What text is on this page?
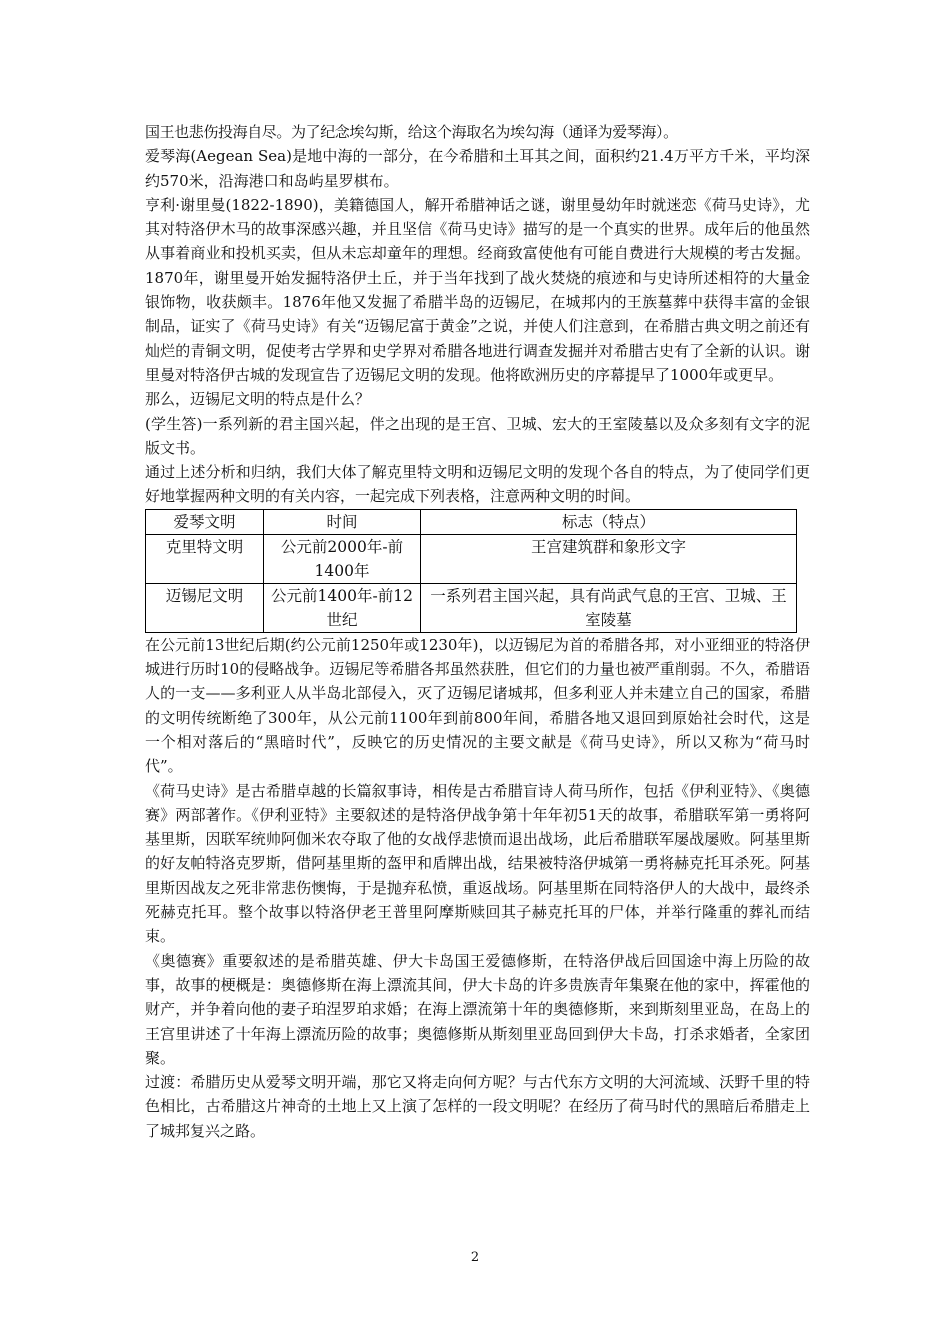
国王也悲伤投海自尽。为了纪念埃勾斯，给这个海取名为埃勾海（通译为爱琴海）。

爱琴海(Aegean Sea)是地中海的一部分，在今希腊和土耳其之间，面积约21.4万平方千米，平均深约570米，沿海港口和岛屿星罗棋布。

亨利·谢里曼(1822-1890)，美籍德国人，解开希腊神话之谜，谢里曼幼年时就迷恋《荷马史诗》，尤其对特洛伊木马的故事深感兴趣，并且坚信《荷马史诗》描写的是一个真实的世界。成年后的他虽然从事着商业和投机买卖，但从未忘却童年的理想。经商致富使他有可能自费进行大规模的考古发掘。1870年，谢里曼开始发掘特洛伊土丘，并于当年找到了战火焚烧的痕迹和与史诗所述相符的大量金银饰物，收获颇丰。1876年他又发掘了希腊半岛的迈锡尼，在城邦内的王族墓葬中获得丰富的金银制品，证实了《荷马史诗》有关“迈锡尼富于黄金”之说，并使人们注意到，在希腊古典文明之前还有灿烂的青铜文明，促使考古学界和史学界对希腊各地进行调查发掘并对希腊古史有了全新的认识。谢里曼对特洛伊古城的发现宣告了迈锡尼文明的发现。他将欧洲历史的序幕提早了1000年或更早。

那么，迈锡尼文明的特点是什么？

(学生答)一系列新的君主国兴起，伴之出现的是王宫、卫城、宏大的王室陵墓以及众多刻有文字的泥版文书。

通过上述分析和归纳，我们大体了解克里特文明和迈锡尼文明的发现个各自的特点，为了使同学们更好地掌握两种文明的有关内容，一起完成下列表格，注意两种文明的时间。

爱琴文明	时间	标志（特点）
克里特文明	公元前2000年-前1400年	王宫建筑群和象形文字
迈锡尼文明	公元前1400年-前12世纪	一系列君主国兴起，具有尚武气息的王宫、卫城、王室陵墓

在公元前13世纪后期(约公元前1250年或1230年)，以迈锡尼为首的希腊各邦，对小亚细亚的特洛伊城进行历时10的侵略战争。迈锡尼等希腊各邦虽然获胜，但它们的力量也被严重削弱。不久，希腊语人的一支——多利亚人从半岛北部侵入，灭了迈锡尼诸城邦，但多利亚人并未建立自己的国家，希腊的文明传统断绝了300年，从公元前1100年到前800年间，希腊各地又退回到原始社会时代，这是一个相对落后的“黑暗时代”，反映它的历史情况的主要文献是《荷马史诗》，所以又称为“荷马时代”。

《荷马史诗》是古希腊卓越的长篇叙事诗，相传是古希腊盲诗人荷马所作，包括《伊利亚特》、《奥德赛》两部著作。《伊利亚特》主要叙述的是特洛伊战争第十年年初51天的故事，希腊联军第一勇将阿基里斯，因联军统帅阿伽米农夺取了他的女战俘悲愤而退出战场，此后希腊联军屡战屡败。阿基里斯的好友帕特洛克罗斯，借阿基里斯的盔甲和盾牌出战，结果被特洛伊城第一勇将赫克托耳杀死。阿基里斯因战友之死非常悲伤懊悔，于是抛弃私愤，重返战场。阿基里斯在同特洛伊人的大战中，最终杀死赫克托耳。整个故事以特洛伊老王普里阿摩斯赎回其子赫克托耳的尸体，并举行隆重的葬礼而结束。

《奥德赛》重要叙述的是希腊英雄、伊大卡岛国王爱德修斯，在特洛伊战后回国途中海上历险的故事，故事的梗概是：奥德修斯在海上漂流其间，伊大卡岛的许多贵族青年集聚在他的家中，挥霍他的财产，并争着向他的妻子珀涅罗珀求婚；在海上漂流第十年的奥德修斯，来到斯刻里亚岛，在岛上的王宫里讲述了十年海上漂流历险的故事；奥德修斯从斯刻里亚岛回到伊大卡岛，打杀求婚者，全家团聚。

过渡：希腊历史从爱琴文明开端，那它又将走向何方呢？与古代东方文明的大河流域、沃野千里的特色相比，古希腊这片神奇的土地上又上演了怎样的一段文明呢？在经历了荷马时代的黑暗后希腊走上了城邦复兴之路。

2
